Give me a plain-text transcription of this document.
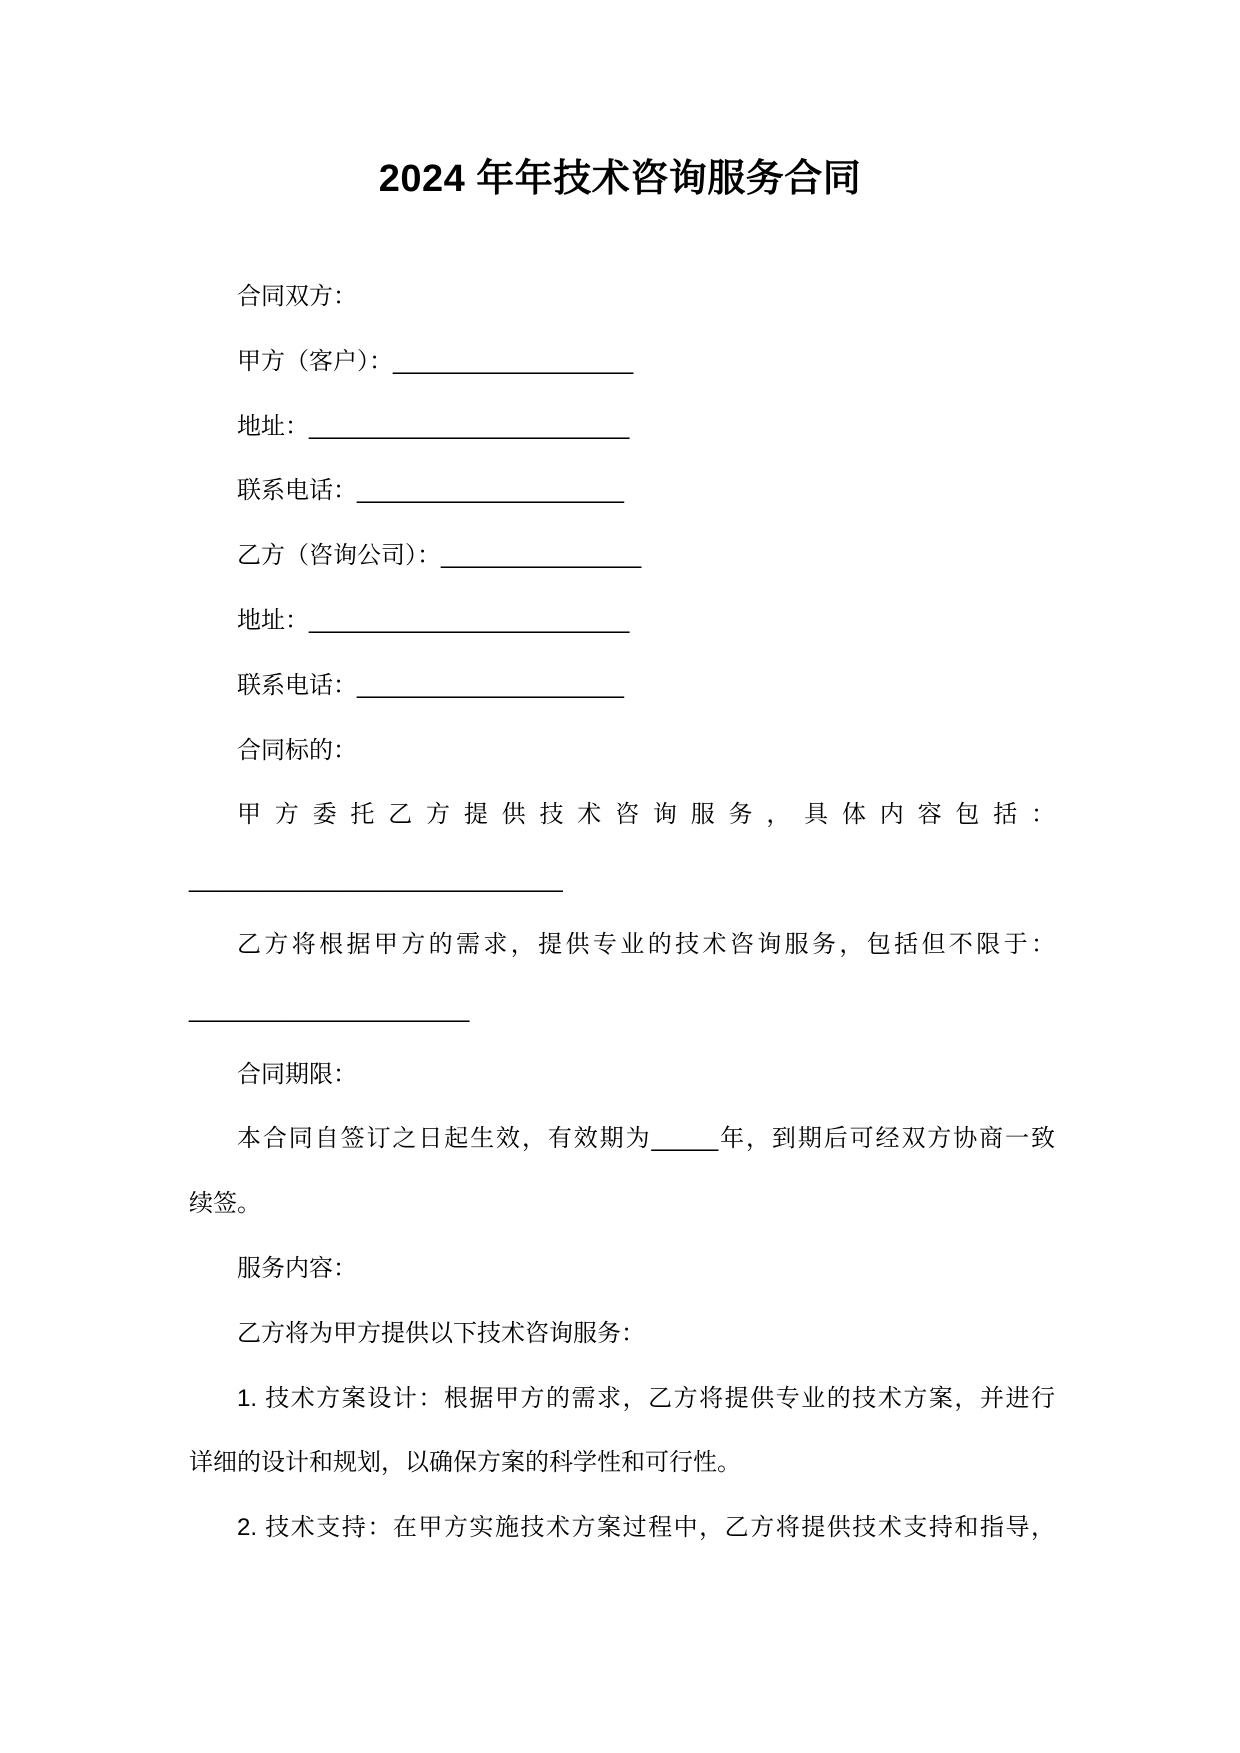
2024 年年技术咨询服务合同

合同双方：

甲方（客户）：__________________

地址：________________________

联系电话：____________________

乙方（咨询公司）：_______________

地址：________________________

联系电话：____________________

合同标的：

甲方委托乙方提供技术咨询服务，具体内容包括：

____________________________

乙方将根据甲方的需求，提供专业的技术咨询服务，包括但不限于：

_____________________

合同期限：

本合同自签订之日起生效，有效期为_____年，到期后可经双方协商一致

续签。

服务内容：

乙方将为甲方提供以下技术咨询服务：

1. 技术方案设计：根据甲方的需求，乙方将提供专业的技术方案，并进行

详细的设计和规划，以确保方案的科学性和可行性。

2. 技术支持：在甲方实施技术方案过程中，乙方将提供技术支持和指导，
